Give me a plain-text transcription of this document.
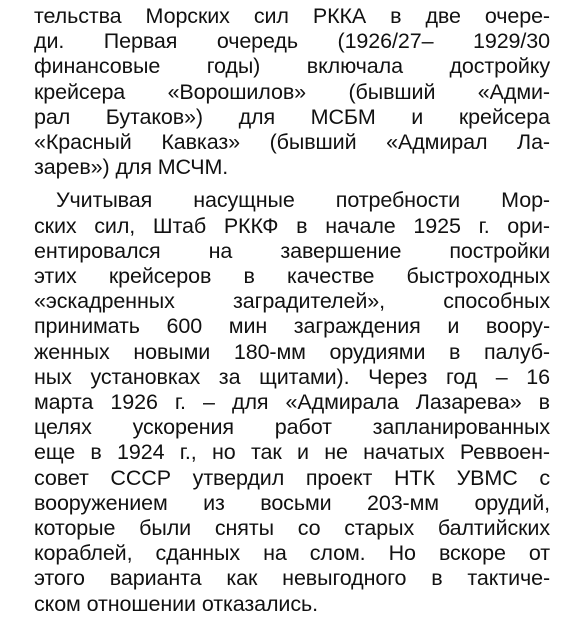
тельства Морских сил РККА в две очере-
ди. Первая очередь (1926/27– 1929/30
финансовые годы) включала достройку
крейсера «Ворошилов» (бывший «Адми-
рал Бутаков») для МСБМ и крейсера
«Красный Кавказ» (бывший «Адмирал Ла-
зарев») для МСЧМ.
Учитывая насущные потребности Мор-
ских сил, Штаб РККФ в начале 1925 г. ори-
ентировался на завершение постройки
этих крейсеров в качестве быстроходных
«эскадренных заградителей», способных
принимать 600 мин заграждения и воору-
женных новыми 180-мм орудиями в палуб-
ных установках за щитами). Через год – 16
марта 1926 г. – для «Адмирала Лазарева» в
целях ускорения работ запланированных
еще в 1924 г., но так и не начатых Реввоен-
совет СССР утвердил проект НТК УВМС с
вооружением из восьми 203-мм орудий,
которые были сняты со старых балтийских
кораблей, сданных на слом. Но вскоре от
этого варианта как невыгодного в тактиче-
ском отношении отказались.
